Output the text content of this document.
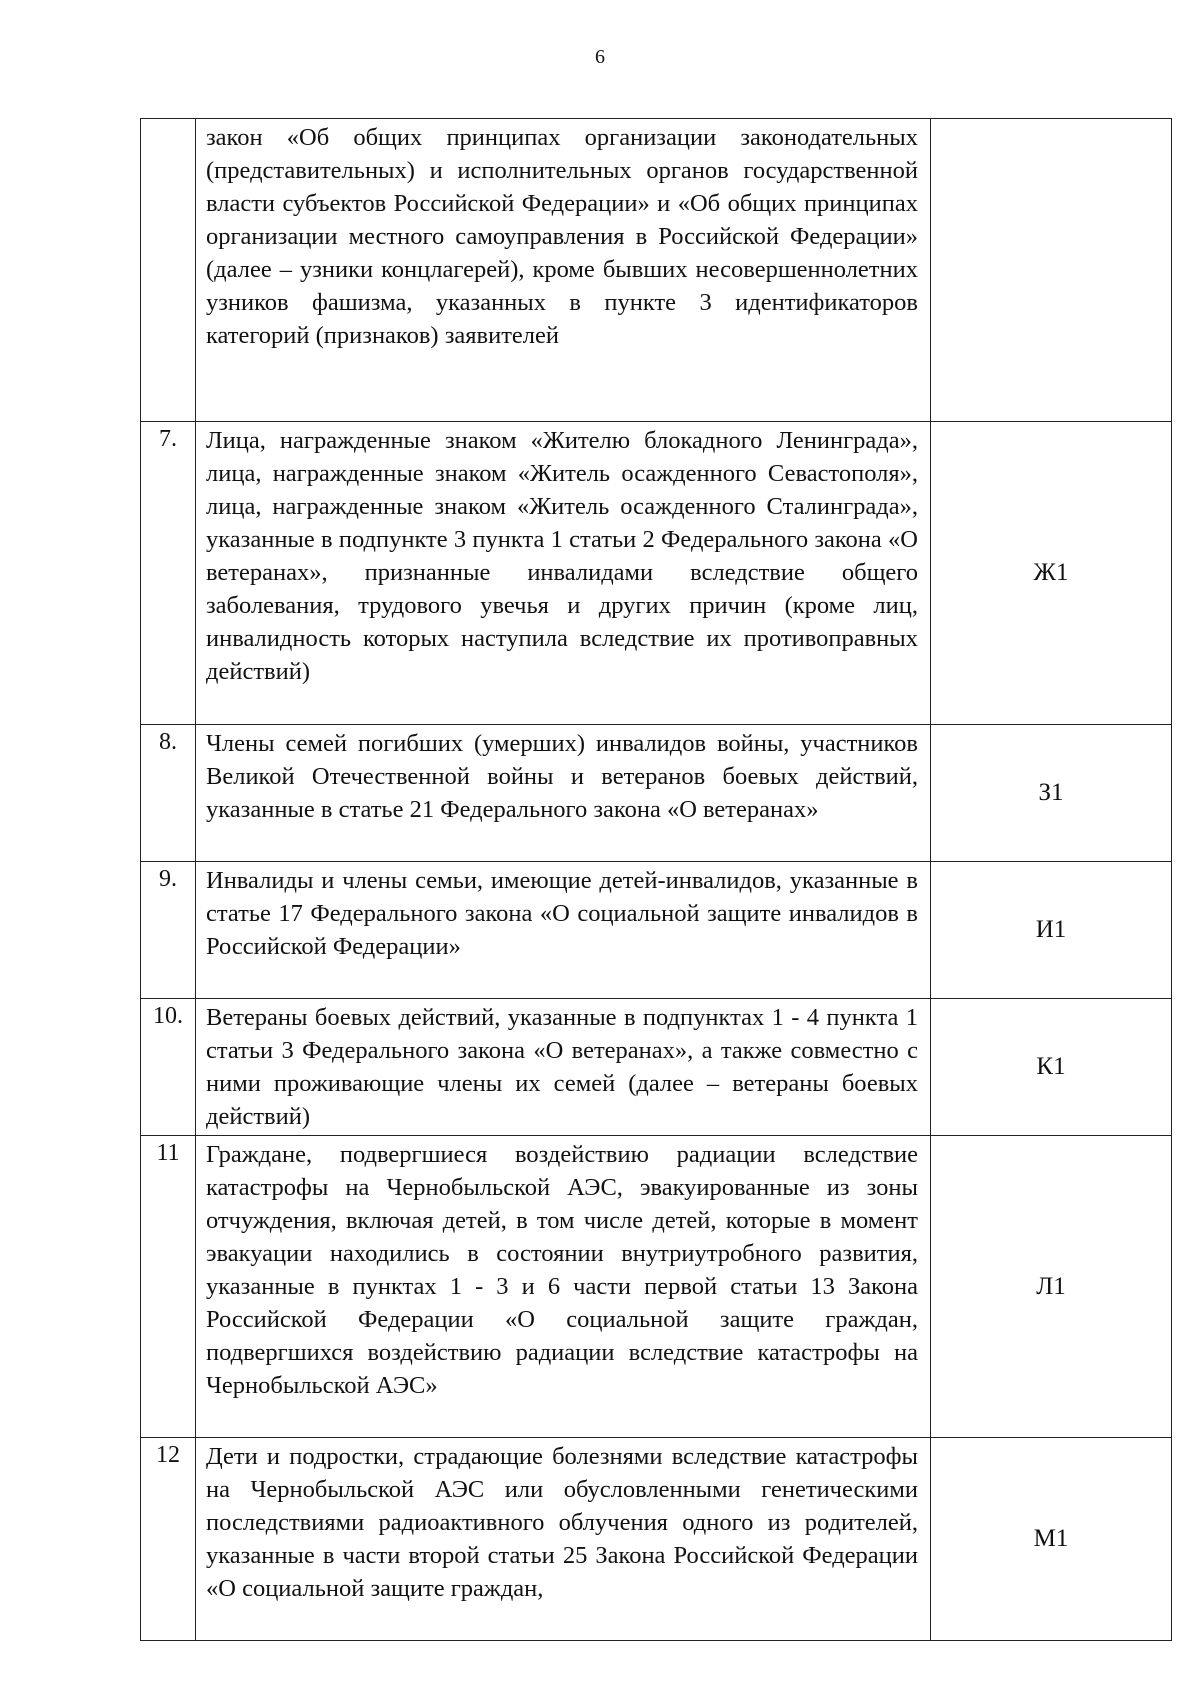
6

	закон «Об общих принципах организации законодательных (представительных) и исполнительных органов государственной власти субъектов Российской Федерации» и «Об общих принципах организации местного самоуправления в Российской Федерации» (далее – узники концлагерей), кроме бывших несовершеннолетних узников фашизма, указанных в пункте 3 идентификаторов категорий (признаков) заявителей	

7.	Лица, награжденные знаком «Жителю блокадного Ленинграда», лица, награжденные знаком «Житель осажденного Севастополя», лица, награжденные знаком «Житель осажденного Сталинграда», указанные в подпункте 3 пункта 1 статьи 2 Федерального закона «О ветеранах», признанные инвалидами вследствие общего заболевания, трудового увечья и других причин (кроме лиц, инвалидность которых наступила вследствие их противоправных действий)	Ж1
8.	Члены семей погибших (умерших) инвалидов войны, участников Великой Отечественной войны и ветеранов боевых действий, указанные в статье 21 Федерального закона «О ветеранах»	З1
9.	Инвалиды и члены семьи, имеющие детей-инвалидов, указанные в статье 17 Федерального закона «О социальной защите инвалидов в Российской Федерации»	И1
10.	Ветераны боевых действий, указанные в подпунктах 1 - 4 пункта 1 статьи 3 Федерального закона «О ветеранах», а также совместно с ними проживающие члены их семей (далее – ветераны боевых действий)	К1
11	Граждане, подвергшиеся воздействию радиации вследствие катастрофы на Чернобыльской АЭС, эвакуированные из зоны отчуждения, включая детей, в том числе детей, которые в момент эвакуации находились в состоянии внутриутробного развития, указанные в пунктах 1 - 3 и 6 части первой статьи 13 Закона Российской Федерации «О социальной защите граждан, подвергшихся воздействию радиации вследствие катастрофы на Чернобыльской АЭС»	Л1
12	Дети и подростки, страдающие болезнями вследствие катастрофы на Чернобыльской АЭС или обусловленными генетическими последствиями радиоактивного облучения одного из родителей, указанные в части второй статьи 25 Закона Российской Федерации «О социальной защите граждан,	М1
